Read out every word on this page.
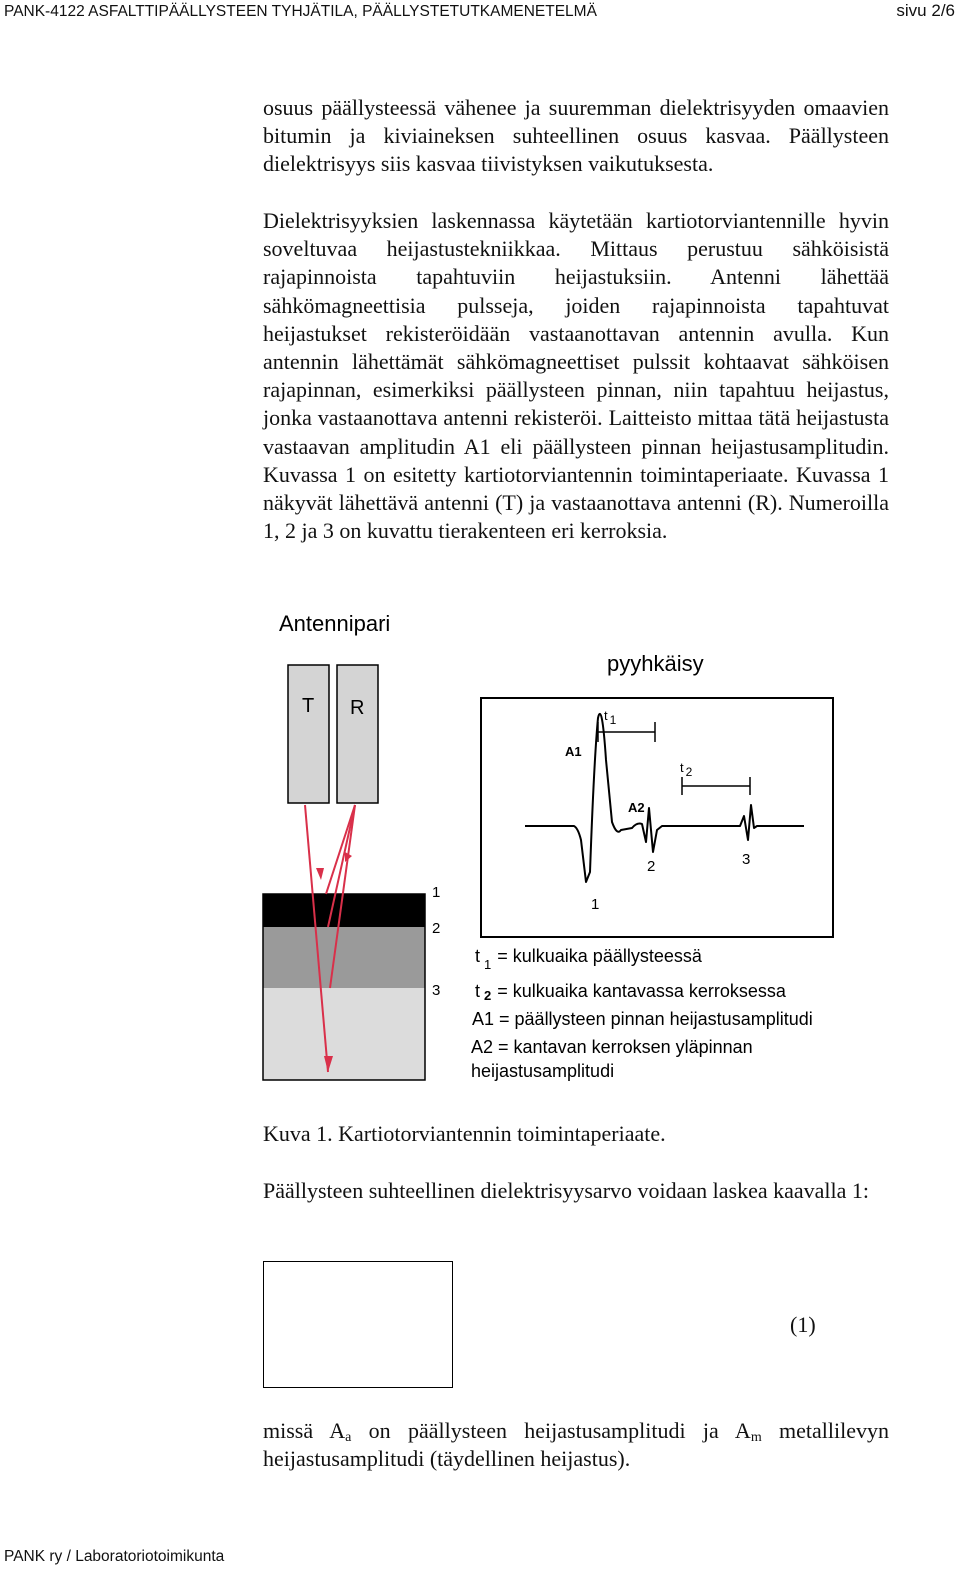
PANK-4122 ASFALTTIPÄÄLLYSTEEN TYHJÄTILA, PÄÄLLYSTETUTKAMENETELMÄ	sivu 2/6

osuus päällysteessä vähenee ja suuremman dielektrisyyden omaavien bitumin ja kiviaineksen suhteellinen osuus kasvaa. Päällysteen dielektrisyys siis kasvaa tiivistyksen vaikutuksesta.

Dielektrisyyksien laskennassa käytetään kartiotorviantennille hyvin soveltuvaa heijastustekniikkaa. Mittaus perustuu sähköisistä rajapinnoista tapahtuviin heijastuksiin. Antenni lähettää sähkömagneettisia pulsseja, joiden rajapinnoista tapahtuvat heijastukset rekisteröidään vastaanottavan antennin avulla. Kun antennin lähettämät sähkömagneettiset pulssit kohtaavat sähköisen rajapinnan, esimerkiksi päällysteen pinnan, niin tapahtuu heijastus, jonka vastaanottava antenni rekisteröi. Laitteisto mittaa tätä heijastusta vastaavan amplitudin A1 eli päällysteen pinnan heijastusamplitudin. Kuvassa 1 on esitetty kartiotorviantennin toimintaperiaate. Kuvassa 1 näkyvät lähettävä antenni (T) ja vastaanottava antenni (R). Numeroilla 1, 2 ja 3 on kuvattu tierakenteen eri kerroksia.

Antennipari
T R
1
2
3
pyyhkäisy
t 1
t 2
A1
A2
1
2	3
t $_1$ = kulkuaika päällysteessä
t 2 = kulkuaika kantavassa kerroksessa
A1 = päällysteen pinnan heijastusamplitudi
A2 = kantavan kerroksen yläpinnan
heijastusamplitudi
Kuva 1. Kartiotorviantennin toimintaperiaate.

Päällysteen suhteellinen dielektrisyysarvo voidaan laskea kaavalla 1:

(1)

missä $A_a$ on päällysteen heijastusamplitudi ja $A_m$ metallilevyn heijastusamplitudi (täydellinen heijastus).

PANK ry / Laboratoriotoimikunta
